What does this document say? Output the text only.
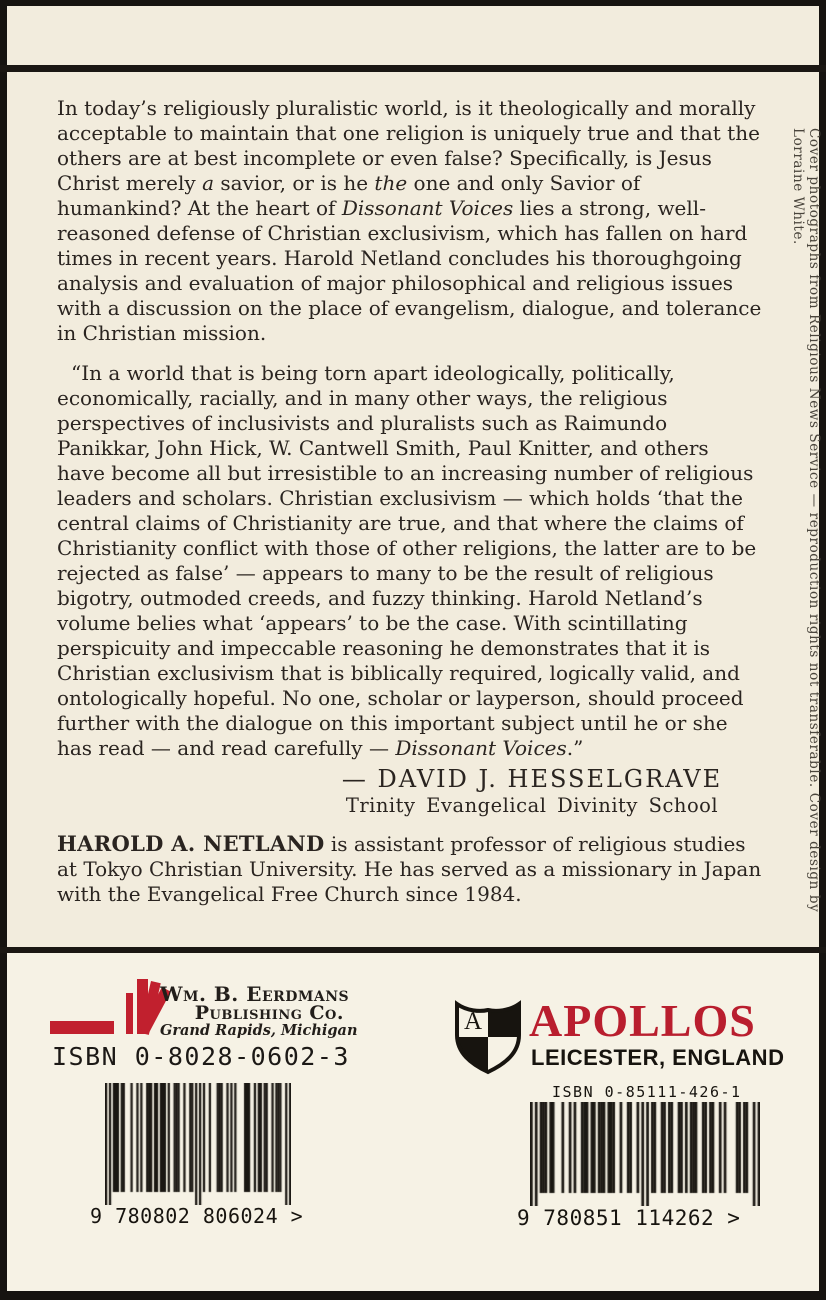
In today’s religiously pluralistic world, is it theologically and morally acceptable to maintain that one religion is uniquely true and that the others are at best incomplete or even false? Specifically, is Jesus Christ merely a savior, or is he the one and only Savior of humankind? At the heart of Dissonant Voices lies a strong, well-reasoned defense of Christian exclusivism, which has fallen on hard times in recent years. Harold Netland concludes his thoroughgoing analysis and evaluation of major philosophical and religious issues with a discussion on the place of evangelism, dialogue, and tolerance in Christian mission.

“In a world that is being torn apart ideologically, politically, economically, racially, and in many other ways, the religious perspectives of inclusivists and pluralists such as Raimundo Panikkar, John Hick, W. Cantwell Smith, Paul Knitter, and others have become all but irresistible to an increasing number of religious leaders and scholars. Christian exclusivism — which holds ‘that the central claims of Christianity are true, and that where the claims of Christianity conflict with those of other religions, the latter are to be rejected as false’ — appears to many to be the result of religious bigotry, outmoded creeds, and fuzzy thinking. Harold Netland’s volume belies what ‘appears’ to be the case. With scintillating perspicuity and impeccable reasoning he demonstrates that it is Christian exclusivism that is biblically required, logically valid, and ontologically hopeful. No one, scholar or layperson, should proceed further with the dialogue on this important subject until he or she has read — and read carefully — Dissonant Voices.”

— DAVID J. HESSELGRAVE
Trinity Evangelical Divinity School

HAROLD A. NETLAND is assistant professor of religious studies at Tokyo Christian University. He has served as a missionary in Japan with the Evangelical Free Church since 1984.	Cover photographs from Religious News Service — reproduction rights not transferable. Cover design by Lorraine White.
Wm. B. Eerdmans
Publishing Co.
Grand Rapids, Michigan
ISBN 0-8028-0602-3
9 780802 806024 >
A APOLLOS
LEICESTER, ENGLAND
ISBN 0-85111-426-1
9 780851 114262 >
